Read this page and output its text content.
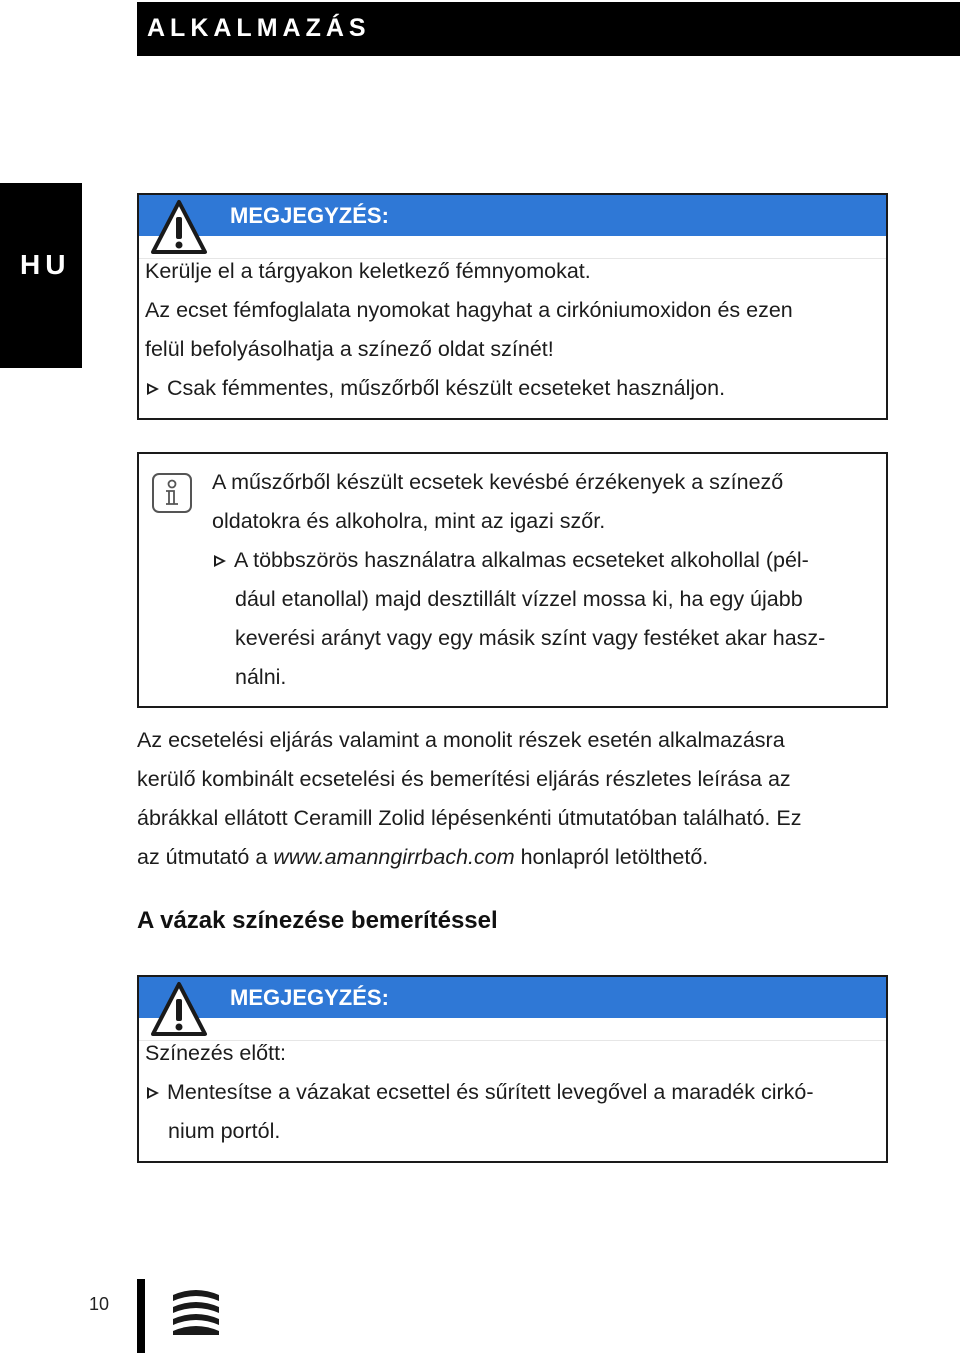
ALKALMAZÁS
HU
MEGJEGYZÉS:
Kerülje el a tárgyakon keletkező fémnyomokat.
Az ecset fémfoglalata nyomokat hagyhat a cirkóniumoxidon és ezen
felül befolyásolhatja a színező oldat színét!
Csak fémmentes, műszőrből készült ecseteket használjon.
A műszőrből készült ecsetek kevésbé érzékenyek a színező
oldatokra és alkoholra, mint az igazi szőr.
A többszörös használatra alkalmas ecseteket alkohollal (pél-
dául etanollal) majd desztillált vízzel mossa ki, ha egy újabb
keverési arányt vagy egy másik színt vagy festéket akar hasz-
nálni.
Az ecsetelési eljárás valamint a monolit részek esetén alkalmazásra
kerülő kombinált ecsetelési és bemerítési eljárás részletes leírása az
ábrákkal ellátott Ceramill Zolid lépésenkénti útmutatóban található. Ez
az útmutató a www.amanngirrbach.com honlapról letölthető.
A vázak színezése bemerítéssel
MEGJEGYZÉS:
Színezés előtt:
Mentesítse a vázakat ecsettel és sűrített levegővel a maradék cirkó-
nium portól.
10
